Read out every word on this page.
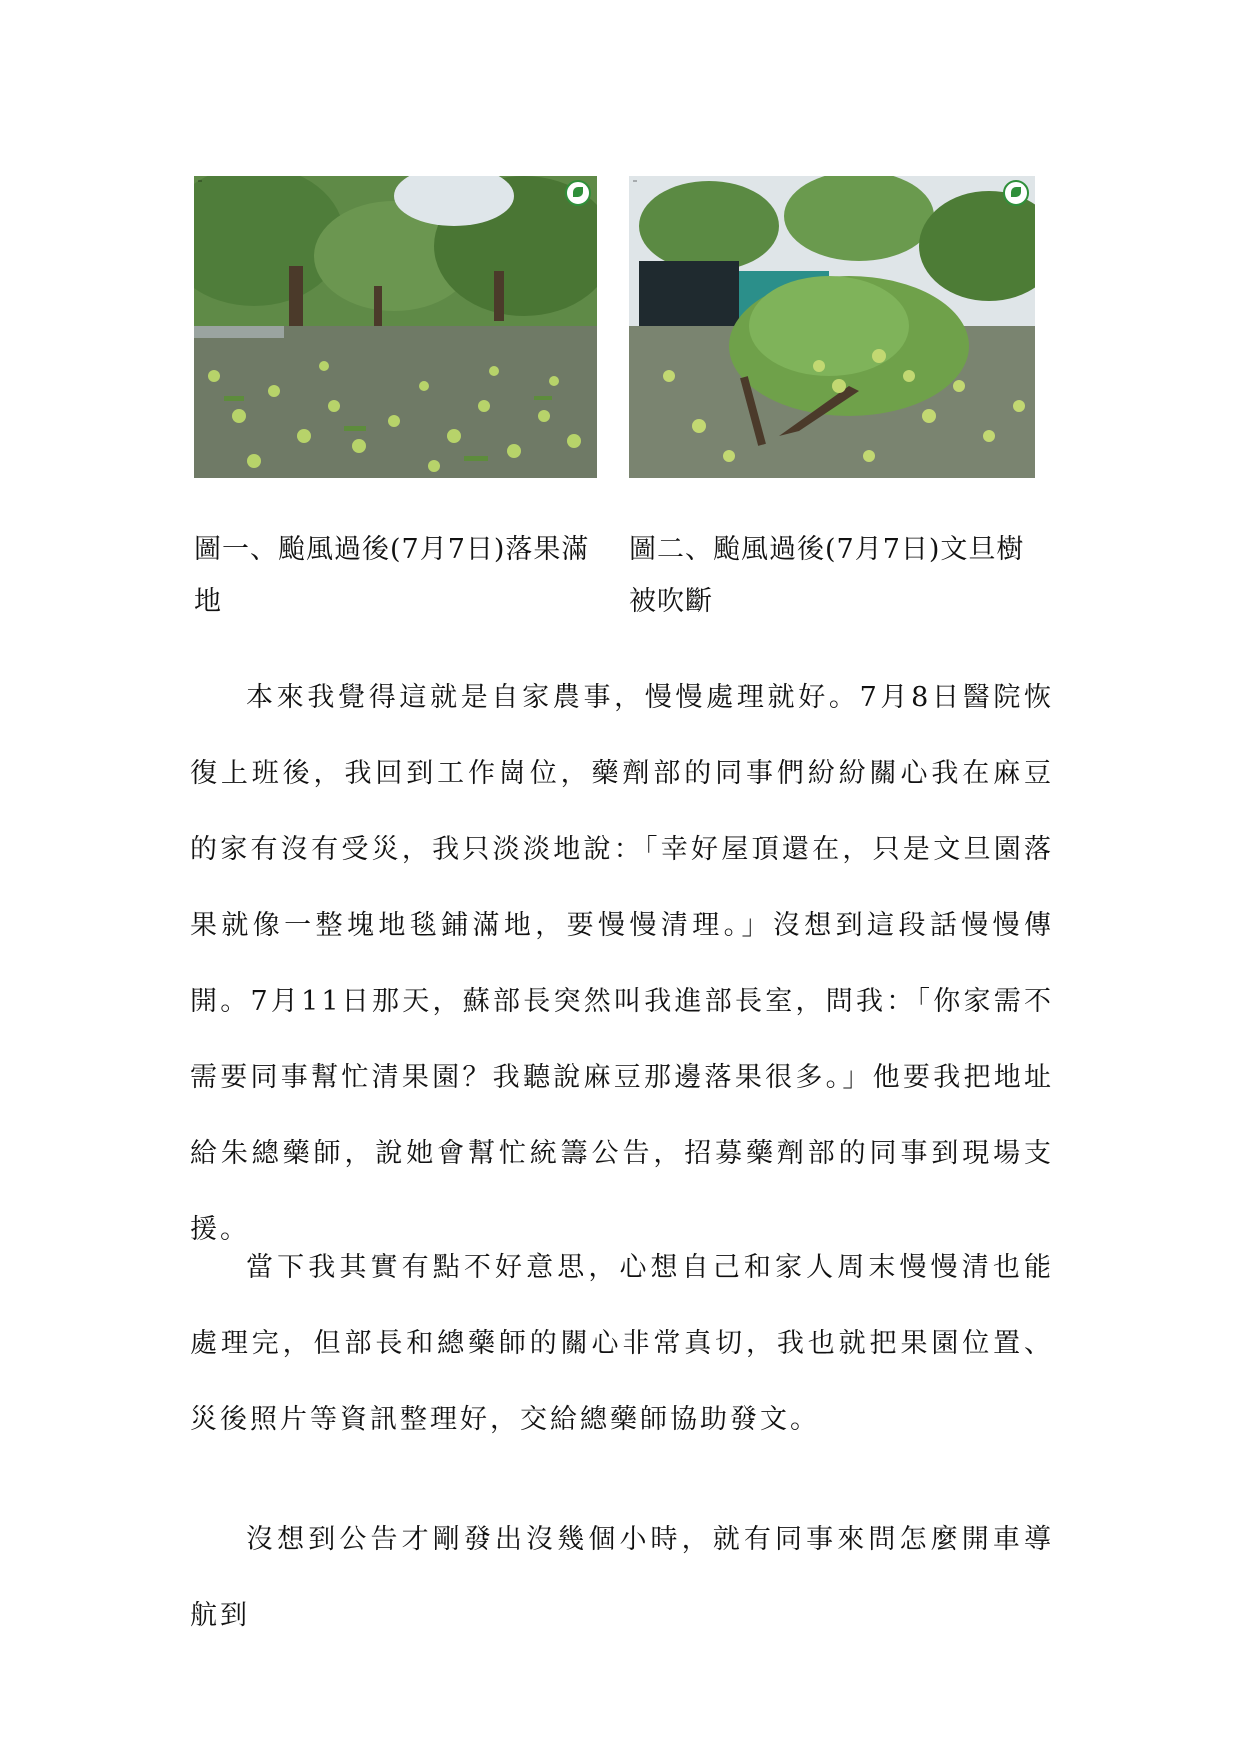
圖一、颱風過後(7月7日)落果滿地

圖二、颱風過後(7月7日)文旦樹被吹斷

本來我覺得這就是自家農事，慢慢處理就好。7月8日醫院恢復上班後，我回到工作崗位，藥劑部的同事們紛紛關心我在麻豆的家有沒有受災，我只淡淡地說：「幸好屋頂還在，只是文旦園落果就像一整塊地毯鋪滿地，要慢慢清理。」沒想到這段話慢慢傳開。7月11日那天，蘇部長突然叫我進部長室，問我：「你家需不需要同事幫忙清果園？我聽說麻豆那邊落果很多。」他要我把地址給朱總藥師，說她會幫忙統籌公告，招募藥劑部的同事到現場支援。

當下我其實有點不好意思，心想自己和家人周末慢慢清也能處理完，但部長和總藥師的關心非常真切，我也就把果園位置、災後照片等資訊整理好，交給總藥師協助發文。

沒想到公告才剛發出沒幾個小時，就有同事來問怎麼開車導航到
